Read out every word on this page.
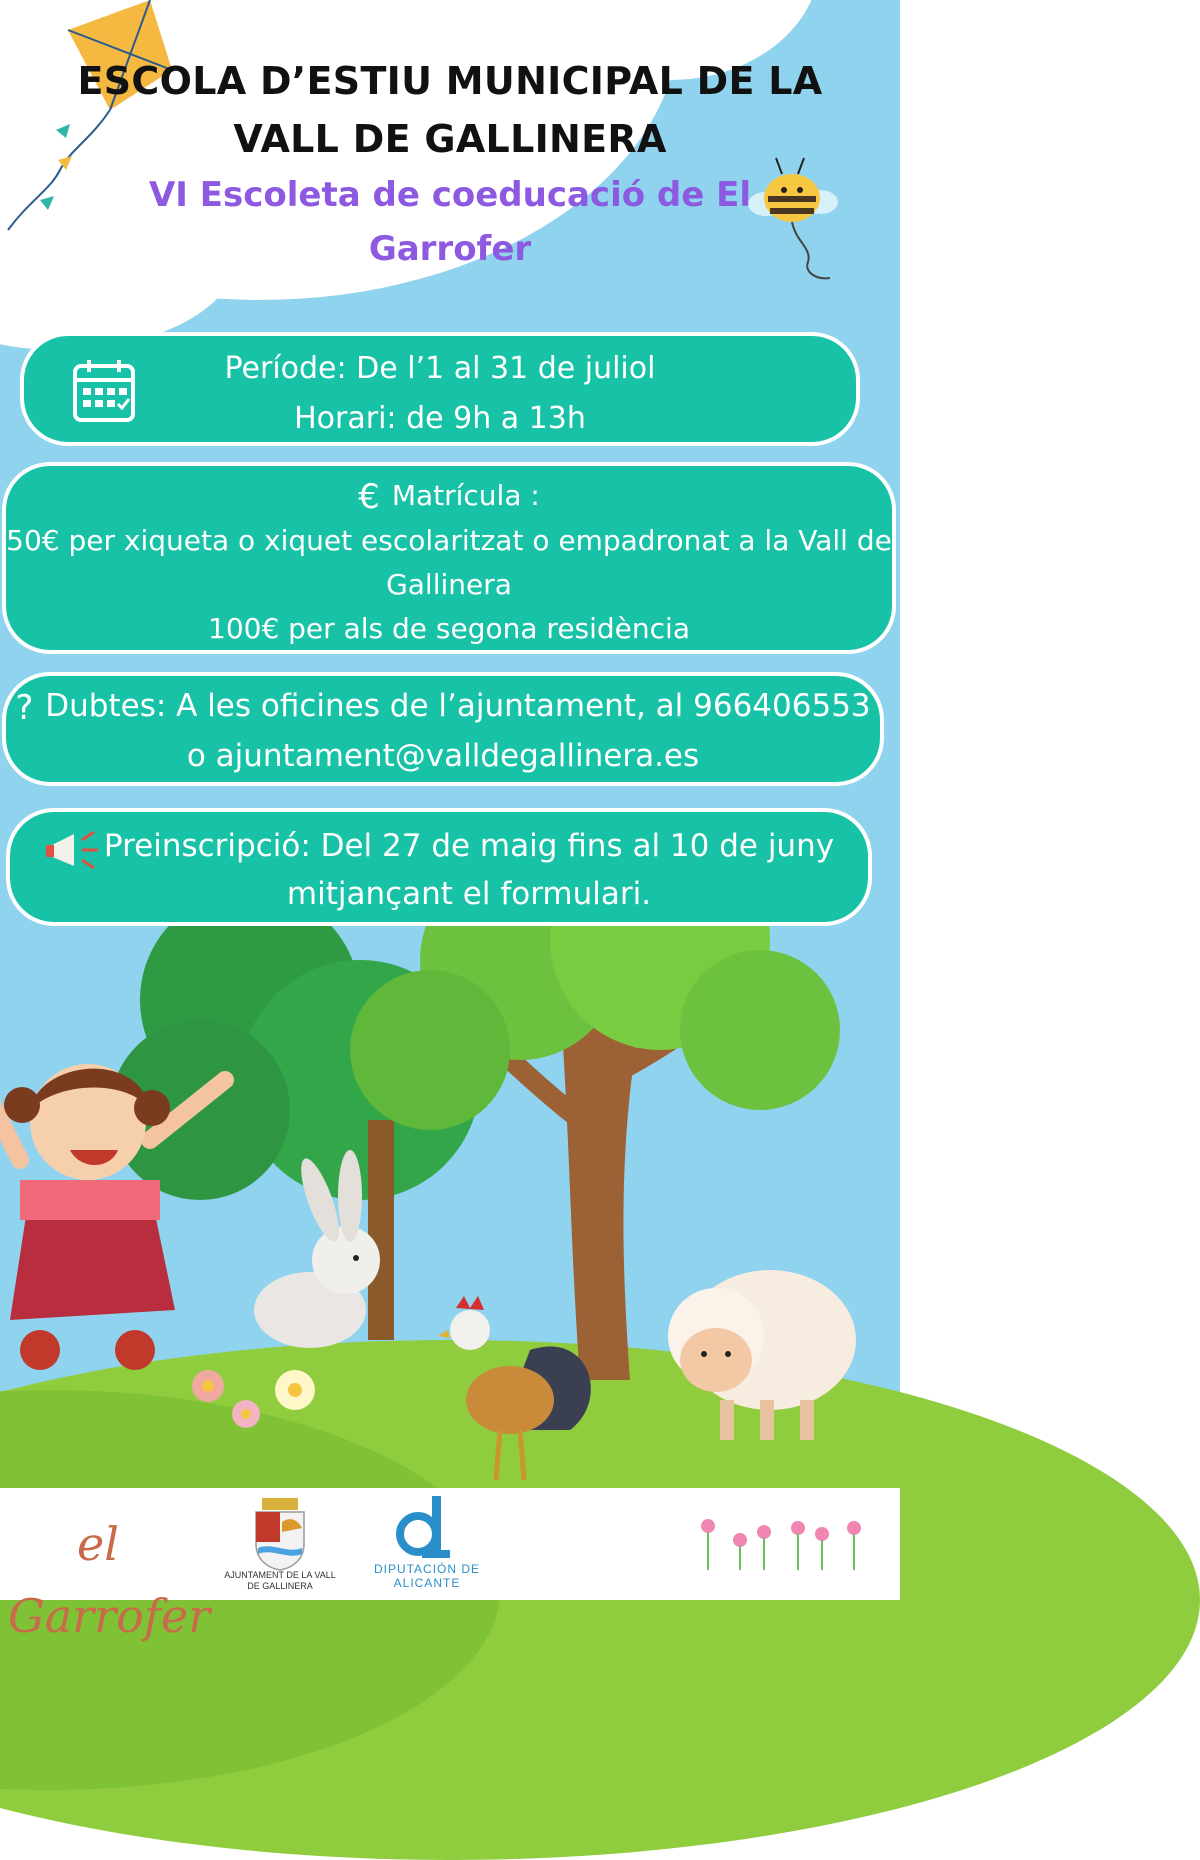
ESCOLA D’ESTIU MUNICIPAL DE LA VALL DE GALLINERA
VI Escoleta de coeducació de El Garrofer

Període: De l’1 al 31 de juliol

Horari: de 9h a 13h

€ Matrícula :

50€ per xiqueta o xiquet escolaritzat o empadronat a la Vall de Gallinera

100€ per als de segona residència

? Dubtes: A les oficines de l’ajuntament, al 966406553 o ajuntament@valldegallinera.es

Preinscripció: Del 27 de maig fins al 10 de juny mitjançant el formulari.

el Garrofer
AJUNTAMENT DE LA VALL DE GALLINERA
DIPUTACIÓN DE ALICANTE
